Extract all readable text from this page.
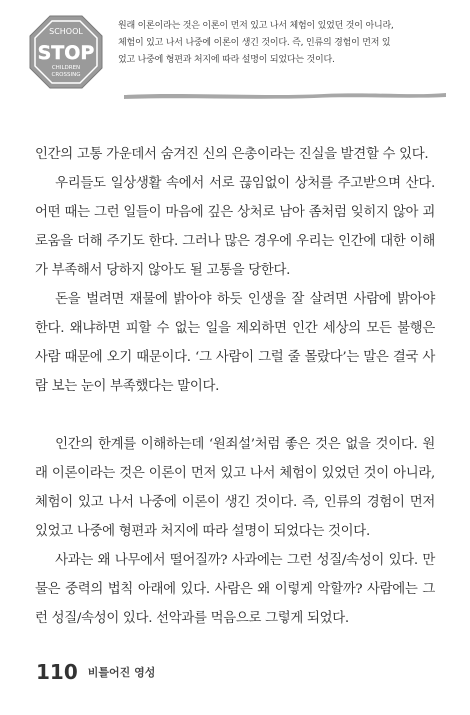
SCHOOL
STOP
CHILDREN
CROSSING
원래 이론이라는 것은 이론이 먼저 있고 나서 체험이 있었던 것이 아니라,
체험이 있고 나서 나중에 이론이 생긴 것이다. 즉, 인류의 경험이 먼저 있
었고 나중에 형편과 처지에 따라 설명이 되었다는 것이다.

인간의 고통 가운데서 숨겨진 신의 은총이라는 진실을 발견할 수 있다.

우리들도 일상생활 속에서 서로 끊임없이 상처를 주고받으며 산다. 어떤 때는 그런 일들이 마음에 깊은 상처로 남아 좀처럼 잊히지 않아 괴로움을 더해 주기도 한다. 그러나 많은 경우에 우리는 인간에 대한 이해가 부족해서 당하지 않아도 될 고통을 당한다.

돈을 벌려면 재물에 밝아야 하듯 인생을 잘 살려면 사람에 밝아야 한다. 왜냐하면 피할 수 없는 일을 제외하면 인간 세상의 모든 불행은 사람 때문에 오기 때문이다. ‘그 사람이 그럴 줄 몰랐다’는 말은 결국 사람 보는 눈이 부족했다는 말이다.

인간의 한계를 이해하는데 ‘원죄설’처럼 좋은 것은 없을 것이다. 원래 이론이라는 것은 이론이 먼저 있고 나서 체험이 있었던 것이 아니라, 체험이 있고 나서 나중에 이론이 생긴 것이다. 즉, 인류의 경험이 먼저 있었고 나중에 형편과 처지에 따라 설명이 되었다는 것이다.

사과는 왜 나무에서 떨어질까? 사과에는 그런 성질/속성이 있다. 만물은 중력의 법칙 아래에 있다. 사람은 왜 이렇게 악할까? 사람에는 그런 성질/속성이 있다. 선악과를 먹음으로 그렇게 되었다.

110 비틀어진 영성
